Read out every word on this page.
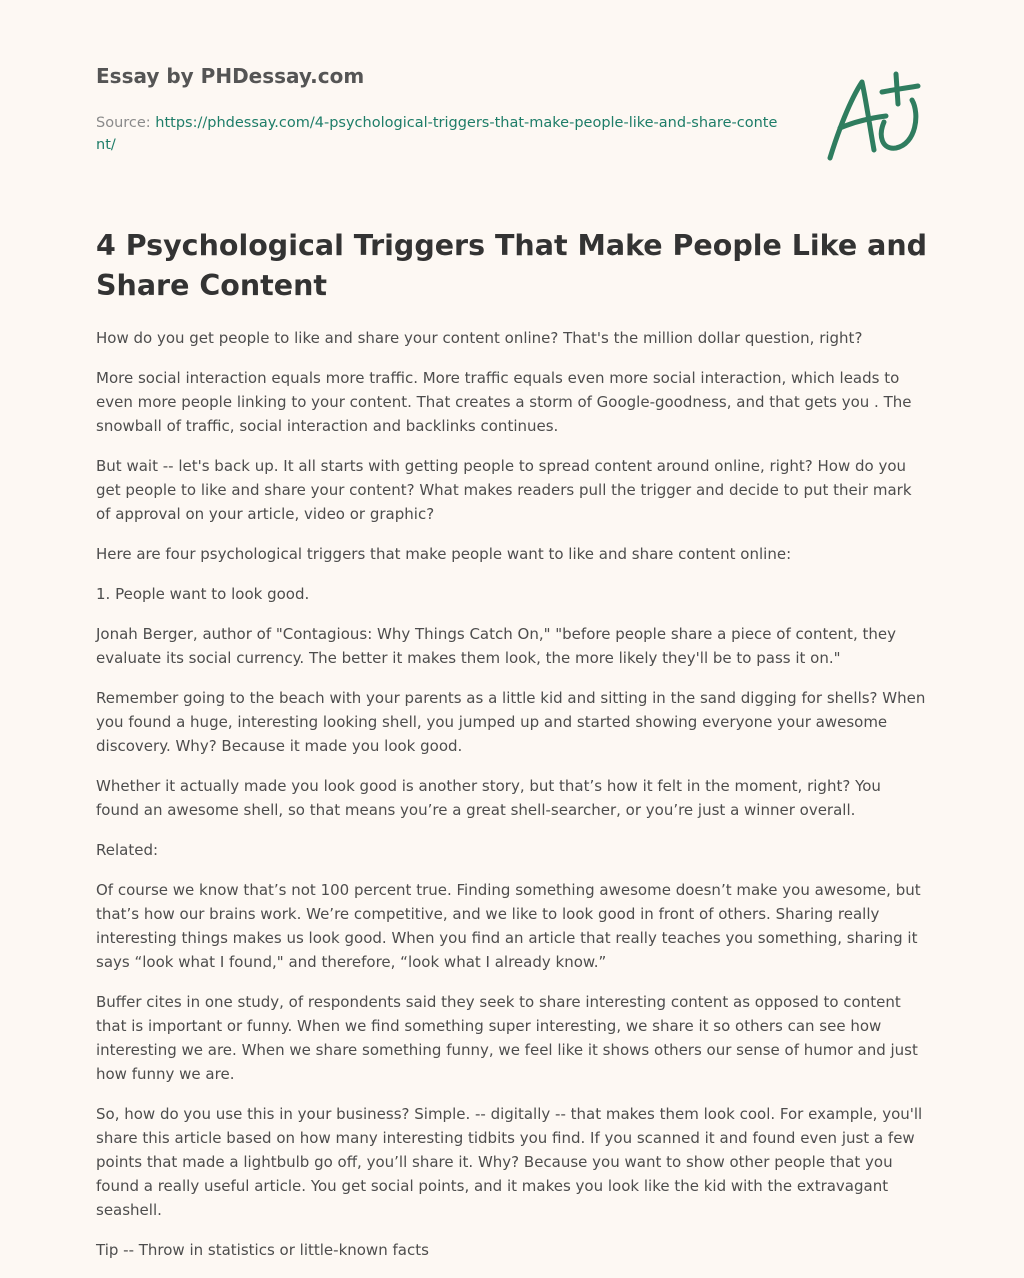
Essay by PHDessay.com

Source: https://phdessay.com/4-psychological-triggers-that-make-people-like-and-share-content/

4 Psychological Triggers That Make People Like and Share Content

How do you get people to like and share your content online? That's the million dollar question, right?

More social interaction equals more traffic. More traffic equals even more social interaction, which leads to even more people linking to your content. That creates a storm of Google-goodness, and that gets you . The snowball of traffic, social interaction and backlinks continues.

But wait -- let's back up. It all starts with getting people to spread content around online, right? How do you get people to like and share your content? What makes readers pull the trigger and decide to put their mark of approval on your article, video or graphic?

Here are four psychological triggers that make people want to like and share content online:

1. People want to look good.

Jonah Berger, author of "Contagious: Why Things Catch On," "before people share a piece of content, they evaluate its social currency. The better it makes them look, the more likely they'll be to pass it on."

Remember going to the beach with your parents as a little kid and sitting in the sand digging for shells? When you found a huge, interesting looking shell, you jumped up and started showing everyone your awesome discovery. Why? Because it made you look good.

Whether it actually made you look good is another story, but that’s how it felt in the moment, right? You found an awesome shell, so that means you’re a great shell-searcher, or you’re just a winner overall.

Related:

Of course we know that’s not 100 percent true. Finding something awesome doesn’t make you awesome, but that’s how our brains work. We’re competitive, and we like to look good in front of others. Sharing really interesting things makes us look good. When you find an article that really teaches you something, sharing it says “look what I found," and therefore, “look what I already know.”

Buffer cites in one study, of respondents said they seek to share interesting content as opposed to content that is important or funny. When we find something super interesting, we share it so others can see how interesting we are. When we share something funny, we feel like it shows others our sense of humor and just how funny we are.

So, how do you use this in your business? Simple. -- digitally -- that makes them look cool. For example, you'll share this article based on how many interesting tidbits you find. If you scanned it and found even just a few points that made a lightbulb go off, you’ll share it. Why? Because you want to show other people that you found a really useful article. You get social points, and it makes you look like the kid with the extravagant seashell.

Tip -- Throw in statistics or little-known facts
